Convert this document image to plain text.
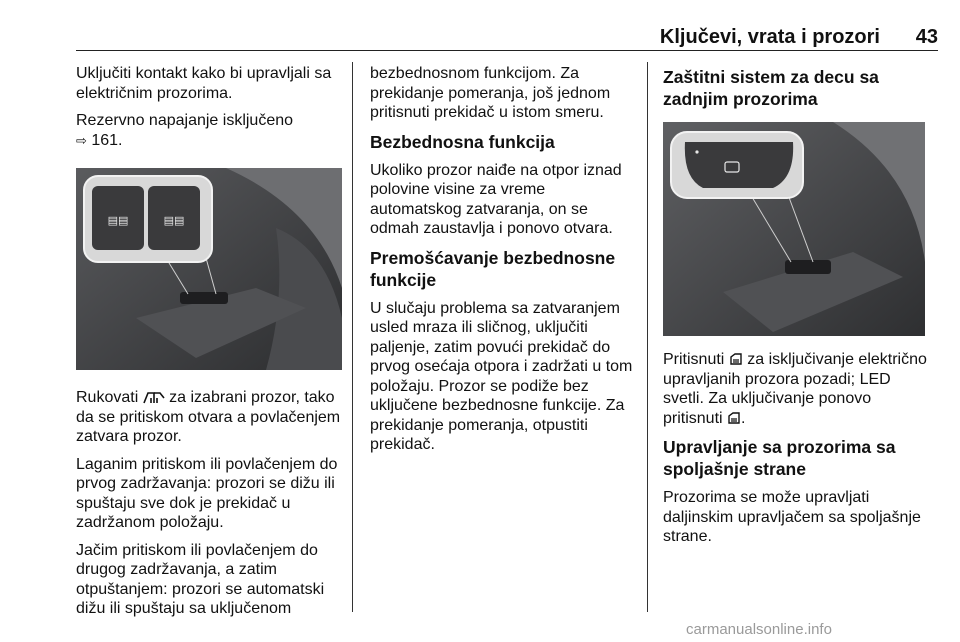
Ključevi, vrata i prozori	43

Uključiti kontakt kako bi upravljali sa električnim prozorima.

Rezervno napajanje isključeno
⇨ 161.

▤▤	▤▤

Rukovati za izabrani prozor, tako da se pritiskom otvara a povlačenjem zatvara prozor.

Laganim pritiskom ili povlačenjem do prvog zadržavanja: prozori se dižu ili spuštaju sve dok je prekidač u zadržanom položaju.

Jačim pritiskom ili povlačenjem do drugog zadržavanja, a zatim otpuštanjem: prozori se automatski dižu ili spuštaju sa uključenom

bezbednosnom funkcijom. Za prekidanje pomeranja, još jednom pritisnuti prekidač u istom smeru.

Bezbednosna funkcija

Ukoliko prozor naiđe na otpor iznad polovine visine za vreme automatskog zatvaranja, on se odmah zaustavlja i ponovo otvara.

Premošćavanje bezbednosne funkcije

U slučaju problema sa zatvaranjem usled mraza ili sličnog, uključiti paljenje, zatim povući prekidač do prvog osećaja otpora i zadržati u tom položaju. Prozor se podiže bez uključene bezbednosne funkcije. Za prekidanje pomeranja, otpustiti prekidač.

Zaštitni sistem za decu sa zadnjim prozorima

Pritisnuti za isključivanje električno upravljanih prozora pozadi; LED svetli. Za uključivanje ponovo pritisnuti .

Upravljanje sa prozorima sa spoljašnje strane

Prozorima se može upravljati daljinskim upravljačem sa spoljašnje strane.

carmanualsonline.info
